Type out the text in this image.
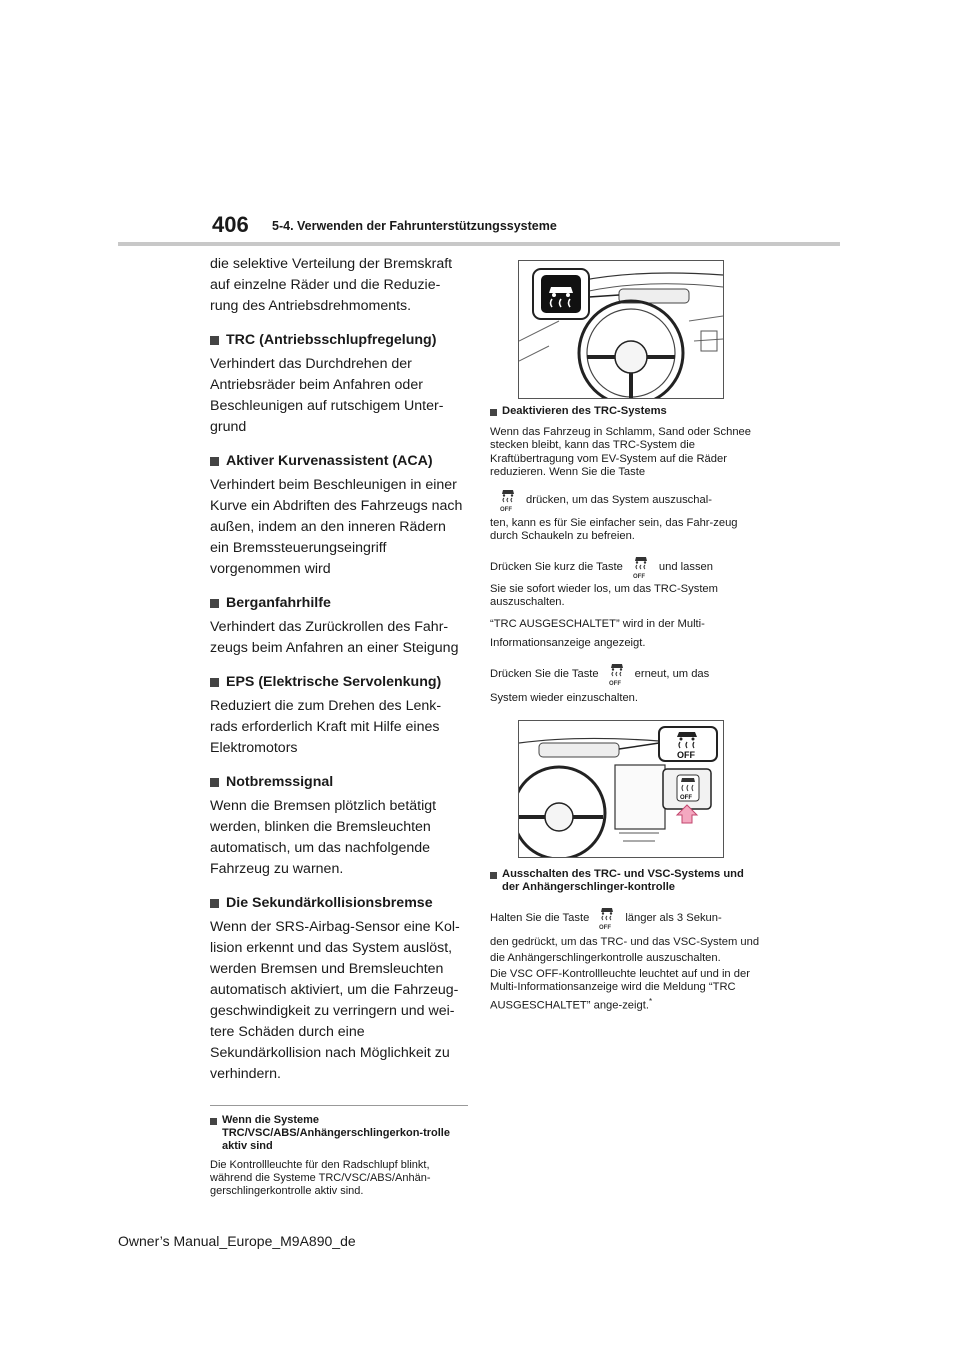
406 5-4. Verwenden der Fahrunterstützungssysteme

die selektive Verteilung der Bremskraft auf einzelne Räder und die Reduzie-rung des Antriebsdrehmoments.

TRC (Antriebsschlupfregelung)

Verhindert das Durchdrehen der Antriebsräder beim Anfahren oder Beschleunigen auf rutschigem Unter-grund

Aktiver Kurvenassistent (ACA)

Verhindert beim Beschleunigen in einer Kurve ein Abdriften des Fahrzeugs nach außen, indem an den inneren Rädern ein Bremssteuerungseingriff vorgenommen wird

Berganfahrhilfe

Verhindert das Zurückrollen des Fahr-zeugs beim Anfahren an einer Steigung

EPS (Elektrische Servolenkung)

Reduziert die zum Drehen des Lenk-rads erforderlich Kraft mit Hilfe eines Elektromotors

Notbremssignal

Wenn die Bremsen plötzlich betätigt werden, blinken die Bremsleuchten automatisch, um das nachfolgende Fahrzeug zu warnen.

Die Sekundärkollisionsbremse

Wenn der SRS-Airbag-Sensor eine Kol-lision erkennt und das System auslöst, werden Bremsen und Bremsleuchten automatisch aktiviert, um die Fahrzeug-geschwindigkeit zu verringern und wei-tere Schäden durch eine Sekundärkollision nach Möglichkeit zu verhindern.

Wenn die Systeme TRC/VSC/ABS/Anhängerschlingerkon-trolle aktiv sind

Die Kontrollleuchte für den Radschlupf blinkt, während die Systeme TRC/VSC/ABS/Anhän-gerschlingerkontrolle aktiv sind.

Deaktivieren des TRC-Systems

Wenn das Fahrzeug in Schlamm, Sand oder Schnee stecken bleibt, kann das TRC-System die Kraftübertragung vom EV-System auf die Räder reduzieren. Wenn Sie die Taste

OFF
drücken, um das System auszuschal-

ten, kann es für Sie einfacher sein, das Fahr-zeug durch Schaukeln zu befreien.

Drücken Sie kurz die Taste
OFF
und lassen

Sie sie sofort wieder los, um das TRC-System auszuschalten.

“TRC AUSGESCHALTET” wird in der Multi-

Informationsanzeige angezeigt.

Drücken Sie die Taste
OFF
erneut, um das

System wieder einzuschalten.

OFF
OFF
Ausschalten des TRC- und VSC-Systems und der Anhängerschlinger-kontrolle

Halten Sie die Taste
OFF
länger als 3 Sekun-

den gedrückt, um das TRC- und das VSC-System und die Anhängerschlingerkontrolle auszuschalten.

Die VSC OFF-Kontrollleuchte leuchtet auf und in der Multi-Informationsanzeige wird die Meldung “TRC AUSGESCHALTET” ange-zeigt.*

Owner’s Manual_Europe_M9A890_de
